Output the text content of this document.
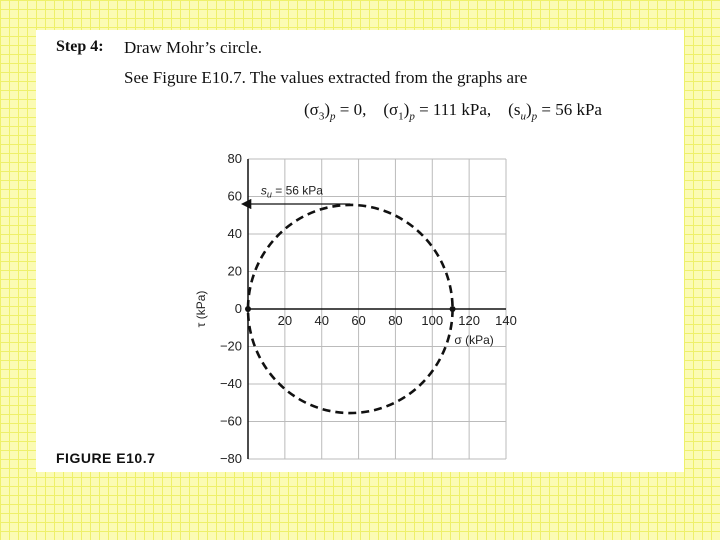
Step 4: Draw Mohr’s circle.
See Figure E10.7. The values extracted from the graphs are
$(\sigma_3)_p = 0$, $(\sigma_1)_p = 111$ kPa, $(s_u)_p = 56$ kPa
80
60
40
20
0
−20
−40
−60
−80
20 40 60 80 100 120 140
$s_u = 56$ kPa
σ (kPa)
τ (kPa)
FIGURE E10.7
